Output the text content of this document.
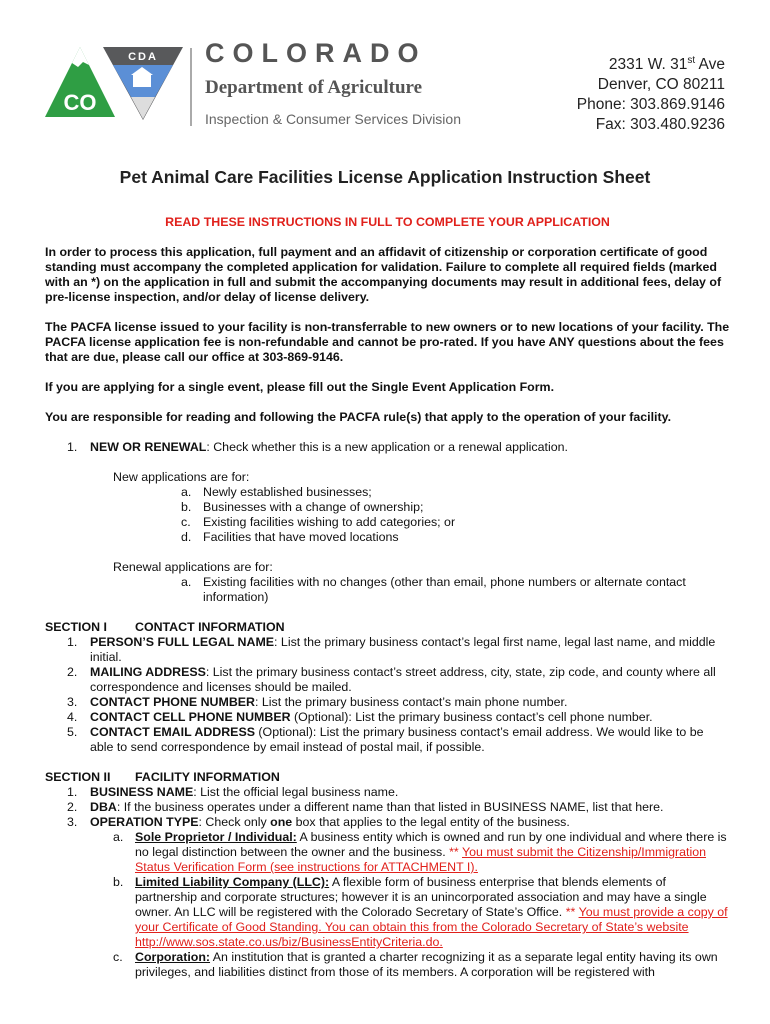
CO
CDA COLORADO
Department of Agriculture
Inspection & Consumer Services Division
2331 W. 31st Ave
Denver, CO 80211
Phone: 303.869.9146
Fax: 303.480.9236
Pet Animal Care Facilities License Application Instruction Sheet

READ THESE INSTRUCTIONS IN FULL TO COMPLETE YOUR APPLICATION

In order to process this application, full payment and an affidavit of citizenship or corporation certificate of good standing must accompany the completed application for validation. Failure to complete all required fields (marked with an *) on the application in full and submit the accompanying documents may result in additional fees, delay of pre-license inspection, and/or delay of license delivery.

The PACFA license issued to your facility is non-transferrable to new owners or to new locations of your facility. The PACFA license application fee is non-refundable and cannot be pro-rated. If you have ANY questions about the fees that are due, please call our office at 303-869-9146.

If you are applying for a single event, please fill out the Single Event Application Form.

You are responsible for reading and following the PACFA rule(s) that apply to the operation of your facility.

1. NEW OR RENEWAL: Check whether this is a new application or a renewal application.

New applications are for:
a. Newly established businesses;
b. Businesses with a change of ownership;
c. Existing facilities wishing to add categories; or
d. Facilities that have moved locations
Renewal applications are for:
a. Existing facilities with no changes (other than email, phone numbers or alternate contact information)
SECTION I CONTACT INFORMATION
1. PERSON’S FULL LEGAL NAME: List the primary business contact’s legal first name, legal last name, and middle initial.
2. MAILING ADDRESS: List the primary business contact’s street address, city, state, zip code, and county where all correspondence and licenses should be mailed.
3. CONTACT PHONE NUMBER: List the primary business contact’s main phone number.
4. CONTACT CELL PHONE NUMBER (Optional): List the primary business contact’s cell phone number.
5. CONTACT EMAIL ADDRESS (Optional): List the primary business contact’s email address. We would like to be able to send correspondence by email instead of postal mail, if possible.
SECTION II FACILITY INFORMATION
1. BUSINESS NAME: List the official legal business name.
2. DBA: If the business operates under a different name than that listed in BUSINESS NAME, list that here.
3. OPERATION TYPE: Check only one box that applies to the legal entity of the business.
a. Sole Proprietor / Individual: A business entity which is owned and run by one individual and where there is no legal distinction between the owner and the business. ** You must submit the Citizenship/Immigration Status Verification Form (see instructions for ATTACHMENT I).
b. Limited Liability Company (LLC): A flexible form of business enterprise that blends elements of partnership and corporate structures; however it is an unincorporated association and may have a single owner. An LLC will be registered with the Colorado Secretary of State’s Office. ** You must provide a copy of your Certificate of Good Standing. You can obtain this from the Colorado Secretary of State’s website http://www.sos.state.co.us/biz/BusinessEntityCriteria.do.
c. Corporation: An institution that is granted a charter recognizing it as a separate legal entity having its own privileges, and liabilities distinct from those of its members. A corporation will be registered with
